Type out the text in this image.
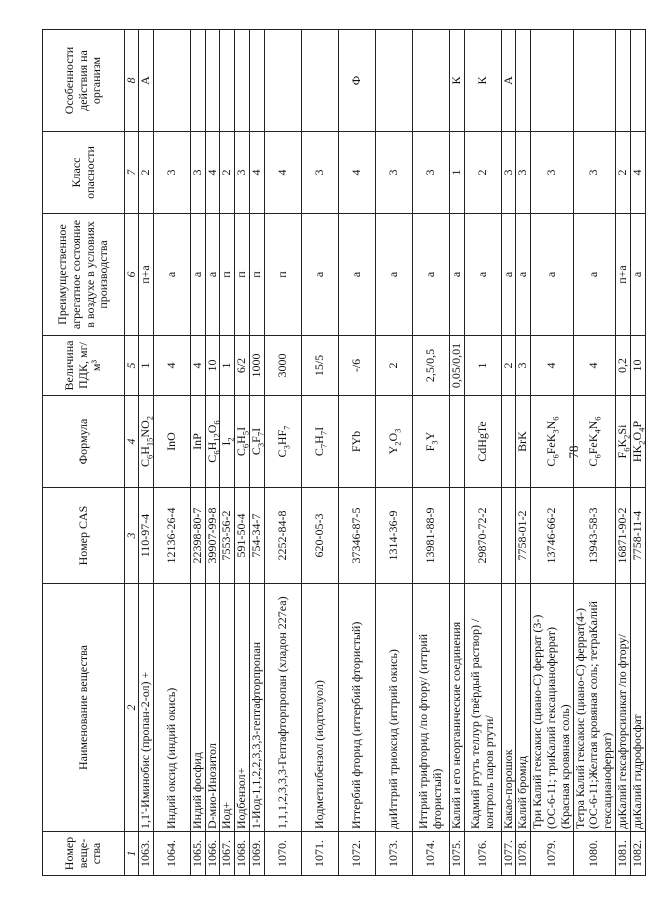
78
Номер веще-ства	Наименование вещества	Номер CAS	Формула	Величина ПДК, мг/м³	Преимущественное агрегатное состояние в воздухе в условиях производства	Класс опасности	Особенности действия на организм
1	2	3	4	5	6	7	8
1063.	1,1'-Иминобис (пропан-2-ол) +	110-97-4	$C_6H_{15}NO_2$	1	п+а	2	А
1064.	Индий оксид (индий окись)	12136-26-4	InO	4	а	3	
1065.	Индий фосфид	22398-80-7	InP	4	а	3	
1066.	D-мио-Инозитол	39907-99-8	$C_6H_{12}O_6$	10	а	4	
1067.	Иод+	7553-56-2	$I_2$	1	п	2	
1068.	Иодбензол+	591-50-4	$C_6H_5I$	6/2	п	3	
1069.	1-Иод-1,1,2,2,3,3,3-гептафторпропан	754-34-7	$C_3F_7I$	1000	п	4	
1070.	1,1,1,2,3,3,3-Гептафторпропан (хладон 227еа)	2252-84-8	$C_3HF_7$	3000	п	4	
1071.	Иодметилбензол (иодтолуол)	620-05-3	$C_7H_7I$	15/5	а	3	
1072.	Иттербий фторид (иттербий фтористый)	37346-87-5	FYb	-/6	а	4	Ф
1073.	диИттрий триоксид (иттрий окись)	1314-36-9	$Y_2O_3$	2	а	3	
1074.	Иттрий трифторид /по фтору/ (иттрий фтористый)	13981-88-9	$F_3Y$	2,5/0,5	а	3	
1075.	Калий и его неорганические соединения			0,05/0,01	а	1	К
1076.	Кадмий ртуть теллур (твёрдый раствор) /контроль паров ртути/	29870-72-2	CdHgTe	1	а	2	К
1077.	Какао-порошок			2	а	3	А
1078.	Калий бромид	7758-01-2	BrK	3	а	3	
1079.	Три Калий гексакис (циано-С) феррат (3-) (ОС-6-11; триКалий гексацианоферрат) (Красная кровяная соль)	13746-66-2	$C_6FeK_3N_6$	4	а	3	
1080.	Тетра Калий гексакис (циано-С) феррат(4-) (ОС-6-11;Желтая кровяная соль; тетраКалий гексацианоферрат)	13943-58-3	$C_6FeK_4N_6$	4	а	3	
1081.	диКалий гексафторсиликат /по фтору/	16871-90-2	$F_6K_2Si$	0,2	п+а	2	
1082.	диКалий гидрофосфат	7758-11-4	$HK_2O_4P$	10	а	4	
